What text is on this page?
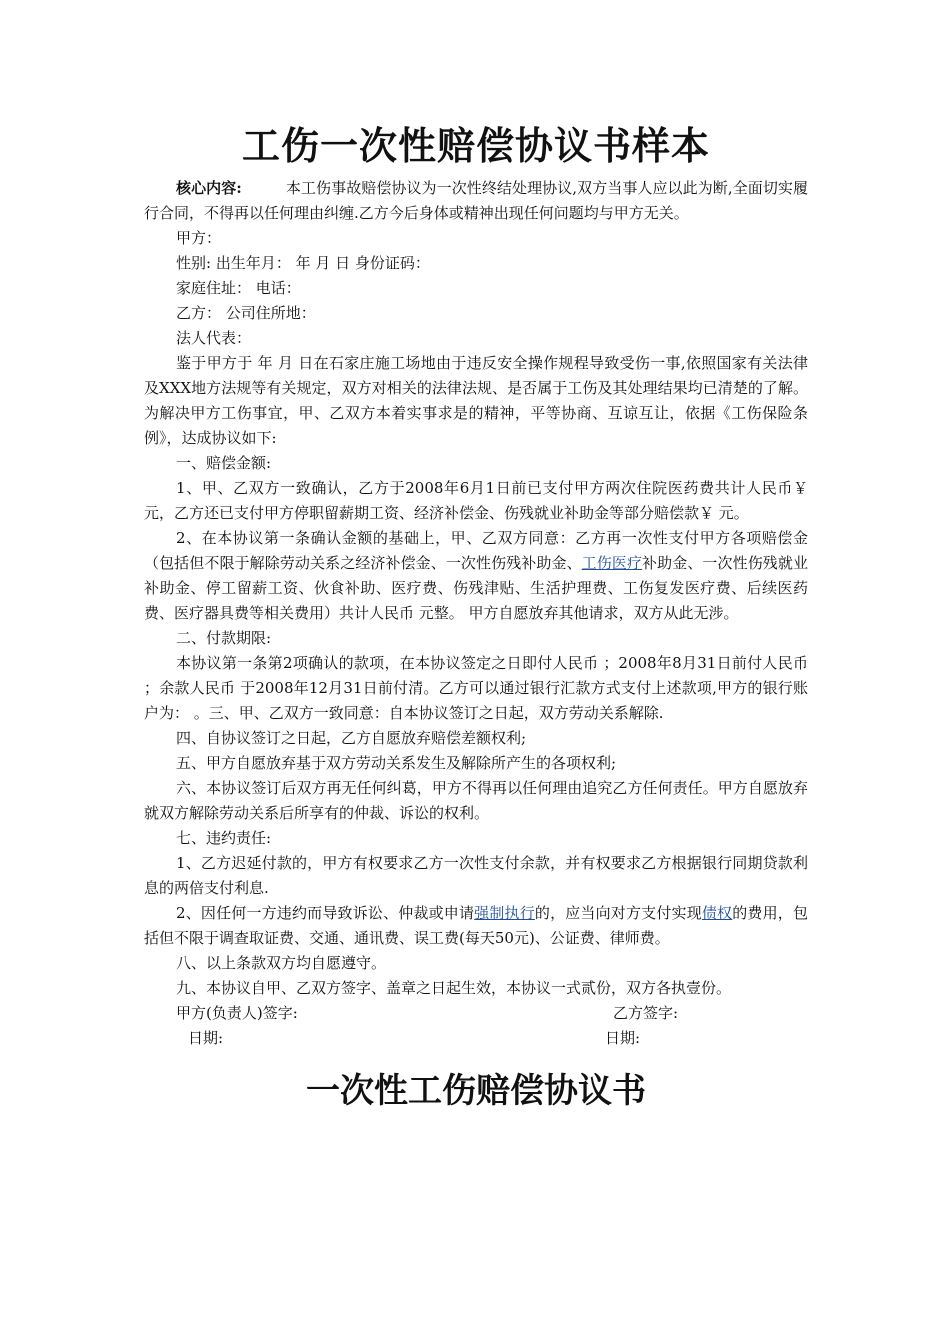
工伤一次性赔偿协议书样本

核心内容:	本工伤事故赔偿协议为一次性终结处理协议,双方当事人应以此为断,全面切实履行合同，不得再以任何理由纠缠.乙方今后身体或精神出现任何问题均与甲方无关。

甲方：

性别: 出生年月： 年 月 日 身份证码：

家庭住址： 电话：

乙方： 公司住所地：

法人代表：

鉴于甲方于 年 月 日在石家庄施工场地由于违反安全操作规程导致受伤一事,依照国家有关法律及XXX地方法规等有关规定，双方对相关的法律法规、是否属于工伤及其处理结果均已清楚的了解。为解决甲方工伤事宜，甲、乙双方本着实事求是的精神，平等协商、互谅互让，依据《工伤保险条例》，达成协议如下:

一、赔偿金额:

1、甲、乙双方一致确认，乙方于2008年6月1日前已支付甲方两次住院医药费共计人民币￥ 元，乙方还已支付甲方停职留薪期工资、经济补偿金、伤残就业补助金等部分赔偿款￥ 元。

2、在本协议第一条确认金额的基础上，甲、乙双方同意：乙方再一次性支付甲方各项赔偿金（包括但不限于解除劳动关系之经济补偿金、一次性伤残补助金、工伤医疗补助金、一次性伤残就业补助金、停工留薪工资、伙食补助、医疗费、伤残津贴、生活护理费、工伤复发医疗费、后续医药费、医疗器具费等相关费用）共计人民币 元整。 甲方自愿放弃其他请求，双方从此无涉。

二、付款期限:

本协议第一条第2项确认的款项，在本协议签定之日即付人民币 ；2008年8月31日前付人民币 ；余款人民币 于2008年12月31日前付清。乙方可以通过银行汇款方式支付上述款项,甲方的银行账户为： 。三、甲、乙双方一致同意：自本协议签订之日起，双方劳动关系解除.

四、自协议签订之日起，乙方自愿放弃赔偿差额权利;

五、甲方自愿放弃基于双方劳动关系发生及解除所产生的各项权利;

六、本协议签订后双方再无任何纠葛，甲方不得再以任何理由追究乙方任何责任。甲方自愿放弃就双方解除劳动关系后所享有的仲裁、诉讼的权利。

七、违约责任:

1、乙方迟延付款的，甲方有权要求乙方一次性支付余款，并有权要求乙方根据银行同期贷款利息的两倍支付利息.

2、因任何一方违约而导致诉讼、仲裁或申请强制执行的，应当向对方支付实现债权的费用，包括但不限于调查取证费、交通、通讯费、误工费(每天50元)、公证费、律师费。

八、以上条款双方均自愿遵守。

九、本协议自甲、乙双方签字、盖章之日起生效，本协议一式贰份，双方各执壹份。

甲方(负责人)签字:	乙方签字:
日期:	日期:
一次性工伤赔偿协议书
